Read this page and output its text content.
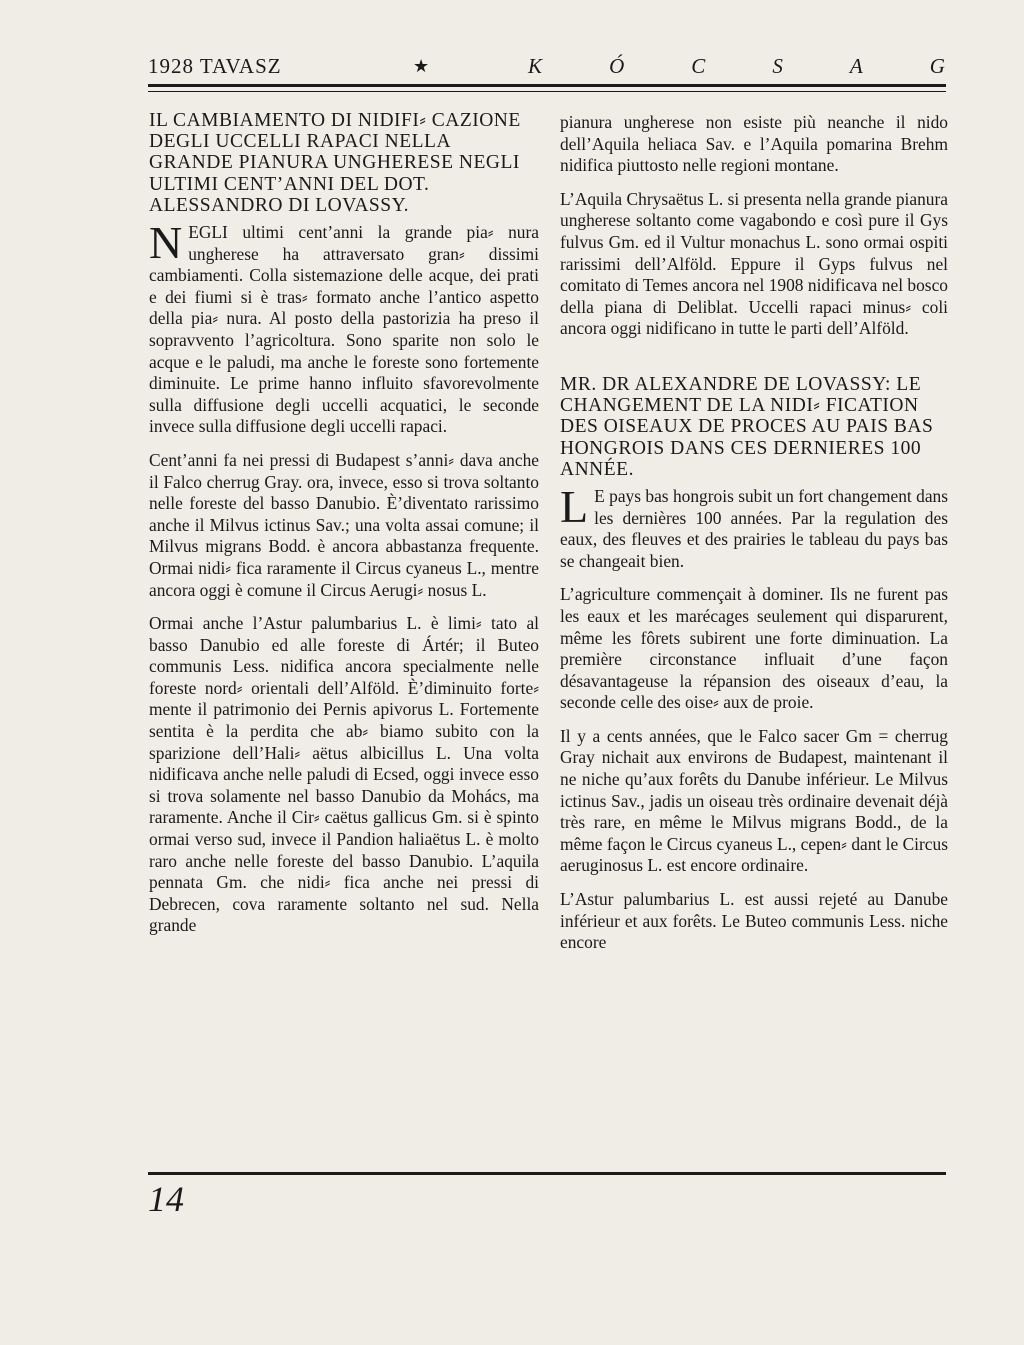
1928 TAVASZ	★	K	Ó	C	S	A	G
IL CAMBIAMENTO DI NIDIFI⸗ CAZIONE DEGLI UCCELLI RAPACI NELLA GRANDE PIANURA UNGHERESE NEGLI ULTIMI CENT’ANNI DEL DOT. ALESSANDRO DI LOVASSY.

NEGLI ultimi cent’anni la grande pia⸗ nura ungherese ha attraversato gran⸗ dissimi cambiamenti. Colla sistemazione delle acque, dei prati e dei fiumi si è tras⸗ formato anche l’antico aspetto della pia⸗ nura. Al posto della pastorizia ha preso il sopravvento l’agricoltura. Sono sparite non solo le acque e le paludi, ma anche le foreste sono fortemente diminuite. Le prime hanno influito sfavorevolmente sulla diffusione degli uccelli acquatici, le seconde invece sulla diffusione degli uccelli rapaci.

Cent’anni fa nei pressi di Budapest s’anni⸗ dava anche il Falco cherrug Gray. ora, invece, esso si trova soltanto nelle foreste del basso Danubio. È’diventato rarissimo anche il Milvus ictinus Sav.; una volta assai comune; il Milvus migrans Bodd. è ancora abbastanza frequente. Ormai nidi⸗ fica raramente il Circus cyaneus L., mentre ancora oggi è comune il Circus Aerugi⸗ nosus L.

Ormai anche l’Astur palumbarius L. è limi⸗ tato al basso Danubio ed alle foreste di Ártér; il Buteo communis Less. nidifica ancora specialmente nelle foreste nord⸗ orientali dell’Alföld. È’diminuito forte⸗ mente il patrimonio dei Pernis apivorus L. Fortemente sentita è la perdita che ab⸗ biamo subito con la sparizione dell’Hali⸗ aëtus albicillus L. Una volta nidificava anche nelle paludi di Ecsed, oggi invece esso si trova solamente nel basso Danubio da Mohács, ma raramente. Anche il Cir⸗ caëtus gallicus Gm. si è spinto ormai verso sud, invece il Pandion haliaëtus L. è molto raro anche nelle foreste del basso Danubio. L’aquila pennata Gm. che nidi⸗ fica anche nei pressi di Debrecen, cova raramente soltanto nel sud. Nella grande

pianura ungherese non esiste più neanche il nido dell’Aquila heliaca Sav. e l’Aquila pomarina Brehm nidifica piuttosto nelle regioni montane.

L’Aquila Chrysaëtus L. si presenta nella grande pianura ungherese soltanto come vagabondo e così pure il Gys fulvus Gm. ed il Vultur monachus L. sono ormai ospiti rarissimi dell’Alföld. Eppure il Gyps fulvus nel comitato di Temes ancora nel 1908 nidificava nel bosco della piana di Deliblat. Uccelli rapaci minus⸗ coli ancora oggi nidificano in tutte le parti dell’Alföld.

MR. DR ALEXANDRE DE LOVASSY: LE CHANGEMENT DE LA NIDI⸗ FICATION DES OISEAUX DE PROCES AU PAIS BAS HONGROIS DANS CES DERNIERES 100 ANNÉE.

L E pays bas hongrois subit un fort changement dans les dernières 100 années. Par la regulation des eaux, des fleuves et des prairies le tableau du pays bas se changeait bien.

L’agriculture commençait à dominer. Ils ne furent pas les eaux et les marécages seulement qui disparurent, même les fôrets subirent une forte diminuation. La première circonstance influait d’une façon désavantageuse la répansion des oiseaux d’eau, la seconde celle des oise⸗ aux de proie.

Il y a cents années, que le Falco sacer Gm = cherrug Gray nichait aux environs de Budapest, maintenant il ne niche qu’aux forêts du Danube inférieur. Le Milvus ictinus Sav., jadis un oiseau très ordinaire devenait déjà très rare, en même le Milvus migrans Bodd., de la même façon le Circus cyaneus L., cepen⸗ dant le Circus aeruginosus L. est encore ordinaire.

L’Astur palumbarius L. est aussi rejeté au Danube inférieur et aux forêts. Le Buteo communis Less. niche encore

14
